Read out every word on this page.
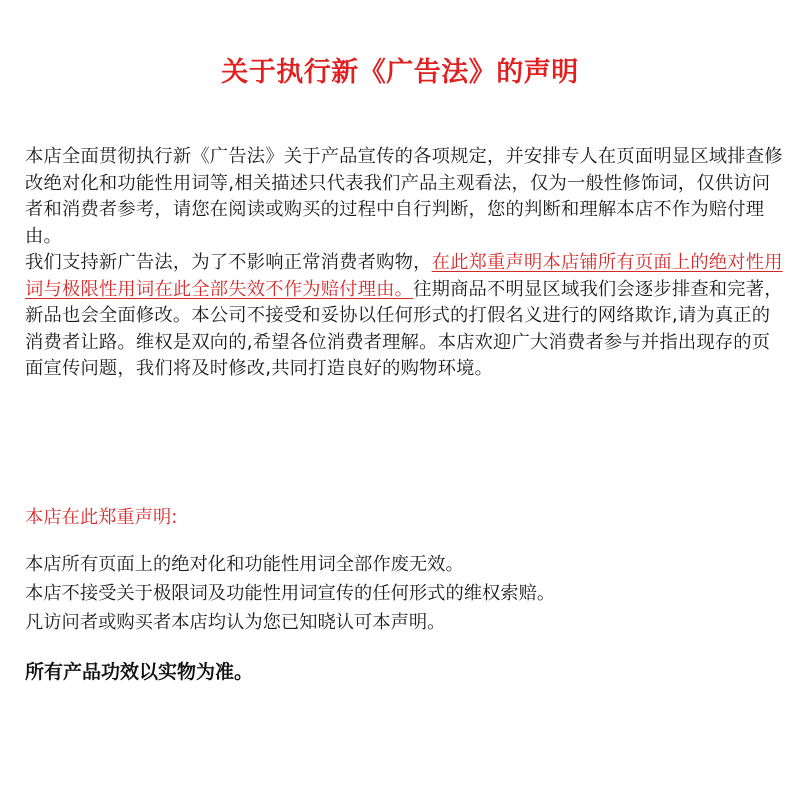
关于执行新《广告法》的声明

本店全面贯彻执行新《广告法》关于产品宣传的各项规定，并安排专人在页面明显区域排查修改绝对化和功能性用词等,相关描述只代表我们产品主观看法，仅为一般性修饰词，仅供访问者和消费者参考，请您在阅读或购买的过程中自行判断，您的判断和理解本店不作为赔付理由。

我们支持新广告法，为了不影响正常消费者购物，在此郑重声明本店铺所有页面上的绝对性用词与极限性用词在此全部失效不作为赔付理由。往期商品不明显区域我们会逐步排查和完著，新品也会全面修改。本公司不接受和妥协以任何形式的打假名义进行的网络欺诈,请为真正的消费者让路。维权是双向的,希望各位消费者理解。本店欢迎广大消费者参与并指出现存的页面宣传问题，我们将及时修改,共同打造良好的购物环境。

本店在此郑重声明:
本店所有页面上的绝对化和功能性用词全部作废无效。
本店不接受关于极限词及功能性用词宣传的任何形式的维权索赔。
凡访问者或购买者本店均认为您已知晓认可本声明。
所有产品功效以实物为准。
